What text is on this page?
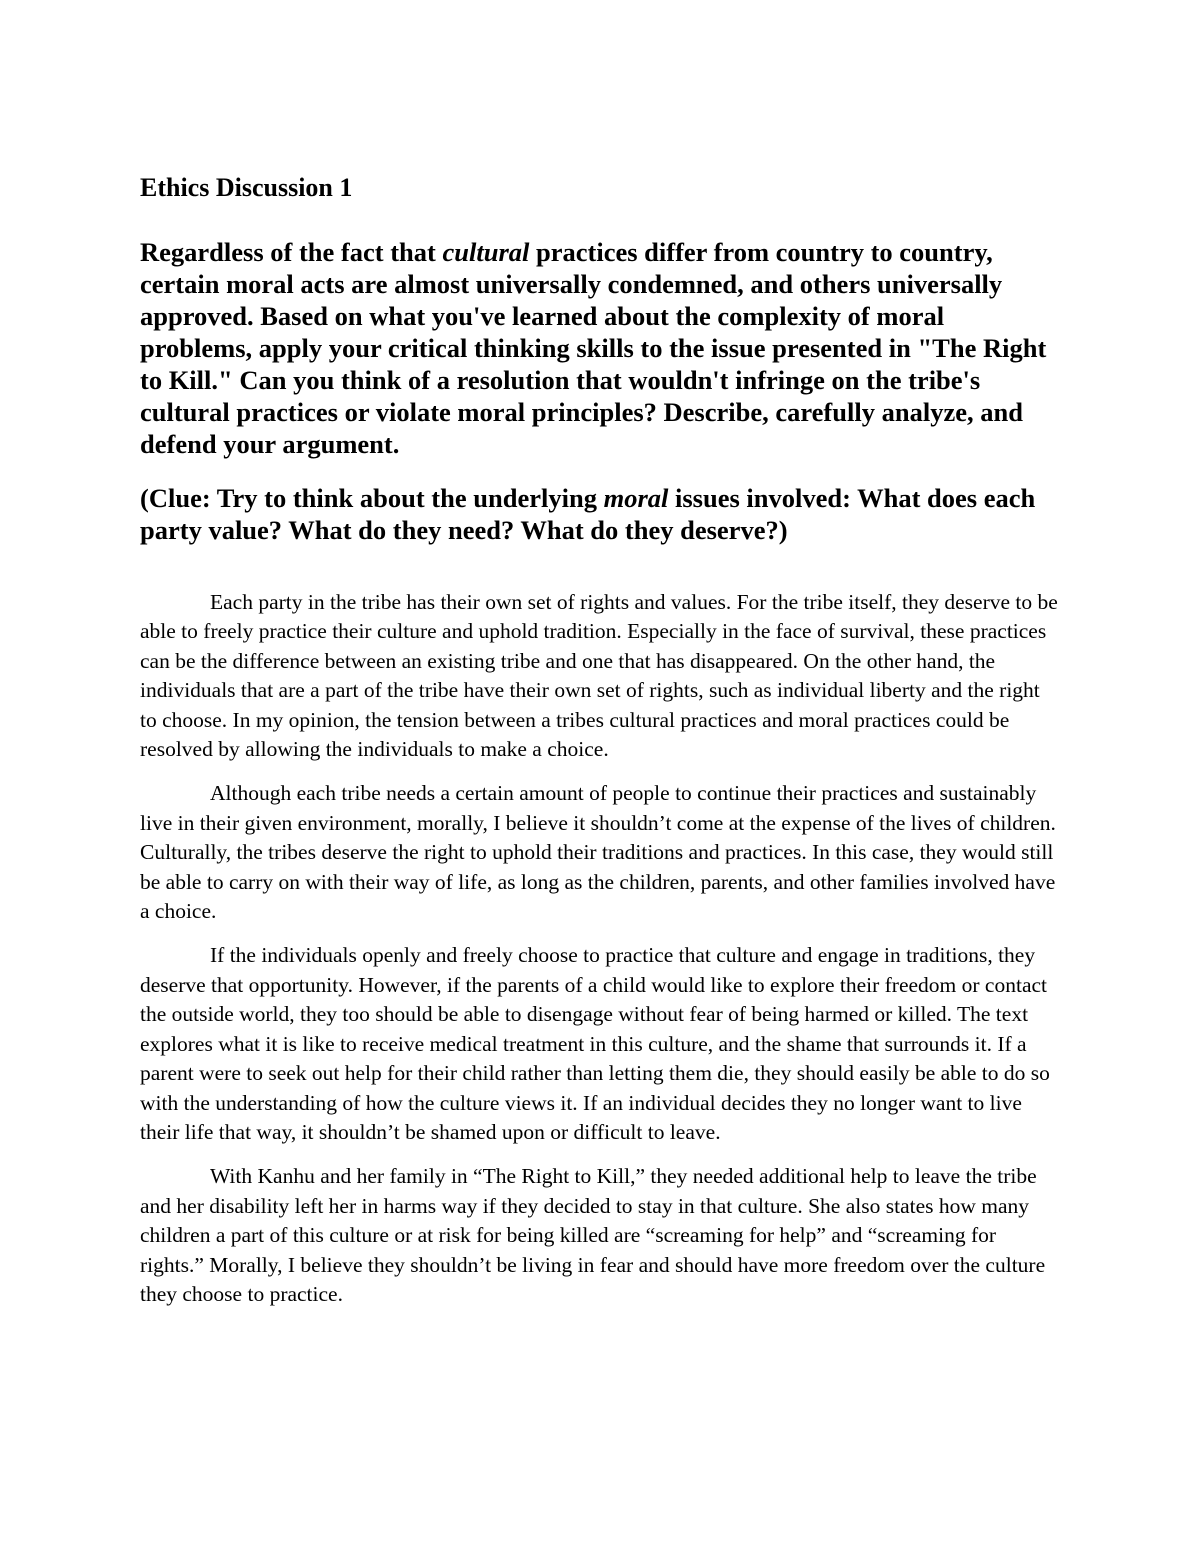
Ethics Discussion 1

Regardless of the fact that cultural practices differ from country to country, certain moral acts are almost universally condemned, and others universally approved. Based on what you've learned about the complexity of moral problems, apply your critical thinking skills to the issue presented in "The Right to Kill." Can you think of a resolution that wouldn't infringe on the tribe's cultural practices or violate moral principles? Describe, carefully analyze, and defend your argument.

(Clue: Try to think about the underlying moral issues involved: What does each party value? What do they need? What do they deserve?)

Each party in the tribe has their own set of rights and values. For the tribe itself, they deserve to be able to freely practice their culture and uphold tradition. Especially in the face of survival, these practices can be the difference between an existing tribe and one that has disappeared. On the other hand, the individuals that are a part of the tribe have their own set of rights, such as individual liberty and the right to choose. In my opinion, the tension between a tribes cultural practices and moral practices could be resolved by allowing the individuals to make a choice.

Although each tribe needs a certain amount of people to continue their practices and sustainably live in their given environment, morally, I believe it shouldn’t come at the expense of the lives of children. Culturally, the tribes deserve the right to uphold their traditions and practices. In this case, they would still be able to carry on with their way of life, as long as the children, parents, and other families involved have a choice.

If the individuals openly and freely choose to practice that culture and engage in traditions, they deserve that opportunity. However, if the parents of a child would like to explore their freedom or contact the outside world, they too should be able to disengage without fear of being harmed or killed. The text explores what it is like to receive medical treatment in this culture, and the shame that surrounds it. If a parent were to seek out help for their child rather than letting them die, they should easily be able to do so with the understanding of how the culture views it. If an individual decides they no longer want to live their life that way, it shouldn’t be shamed upon or difficult to leave.

With Kanhu and her family in “The Right to Kill,” they needed additional help to leave the tribe and her disability left her in harms way if they decided to stay in that culture. She also states how many children a part of this culture or at risk for being killed are “screaming for help” and “screaming for rights.” Morally, I believe they shouldn’t be living in fear and should have more freedom over the culture they choose to practice.
